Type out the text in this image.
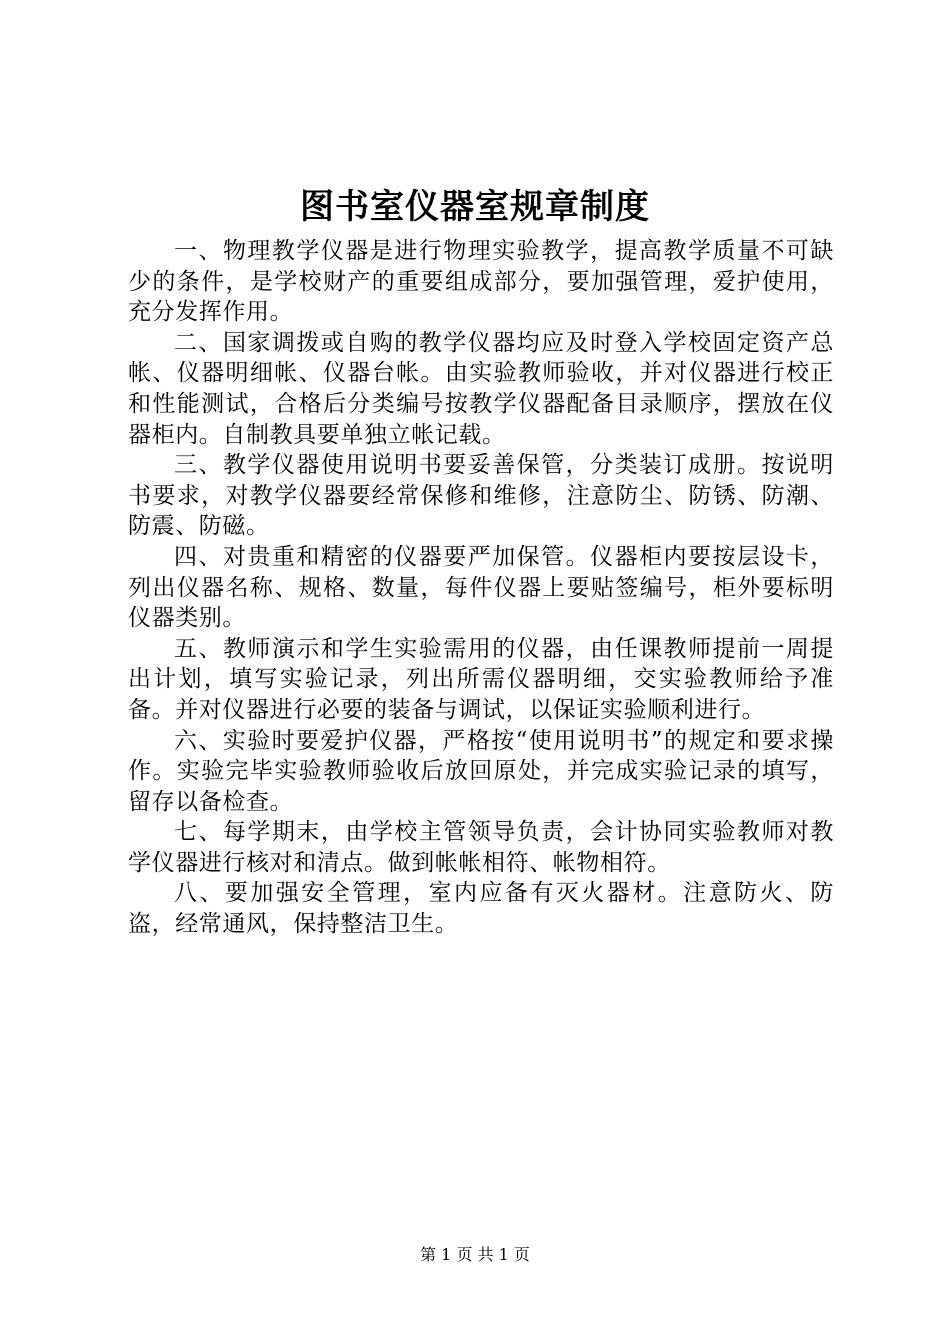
图书室仪器室规章制度

一、物理教学仪器是进行物理实验教学，提高教学质量不可缺少的条件，是学校财产的重要组成部分，要加强管理，爱护使用，充分发挥作用。

二、国家调拨或自购的教学仪器均应及时登入学校固定资产总帐、仪器明细帐、仪器台帐。由实验教师验收，并对仪器进行校正和性能测试，合格后分类编号按教学仪器配备目录顺序，摆放在仪器柜内。自制教具要单独立帐记载。

三、教学仪器使用说明书要妥善保管，分类装订成册。按说明书要求，对教学仪器要经常保修和维修，注意防尘、防锈、防潮、防震、防磁。

四、对贵重和精密的仪器要严加保管。仪器柜内要按层设卡，列出仪器名称、规格、数量，每件仪器上要贴签编号，柜外要标明仪器类别。

五、教师演示和学生实验需用的仪器，由任课教师提前一周提出计划，填写实验记录，列出所需仪器明细，交实验教师给予准备。并对仪器进行必要的装备与调试，以保证实验顺利进行。

六、实验时要爱护仪器，严格按“使用说明书”的规定和要求操作。实验完毕实验教师验收后放回原处，并完成实验记录的填写，留存以备检查。

七、每学期末，由学校主管领导负责，会计协同实验教师对教学仪器进行核对和清点。做到帐帐相符、帐物相符。

八、要加强安全管理，室内应备有灭火器材。注意防火、防盗，经常通风，保持整洁卫生。

第 1 页 共 1 页
